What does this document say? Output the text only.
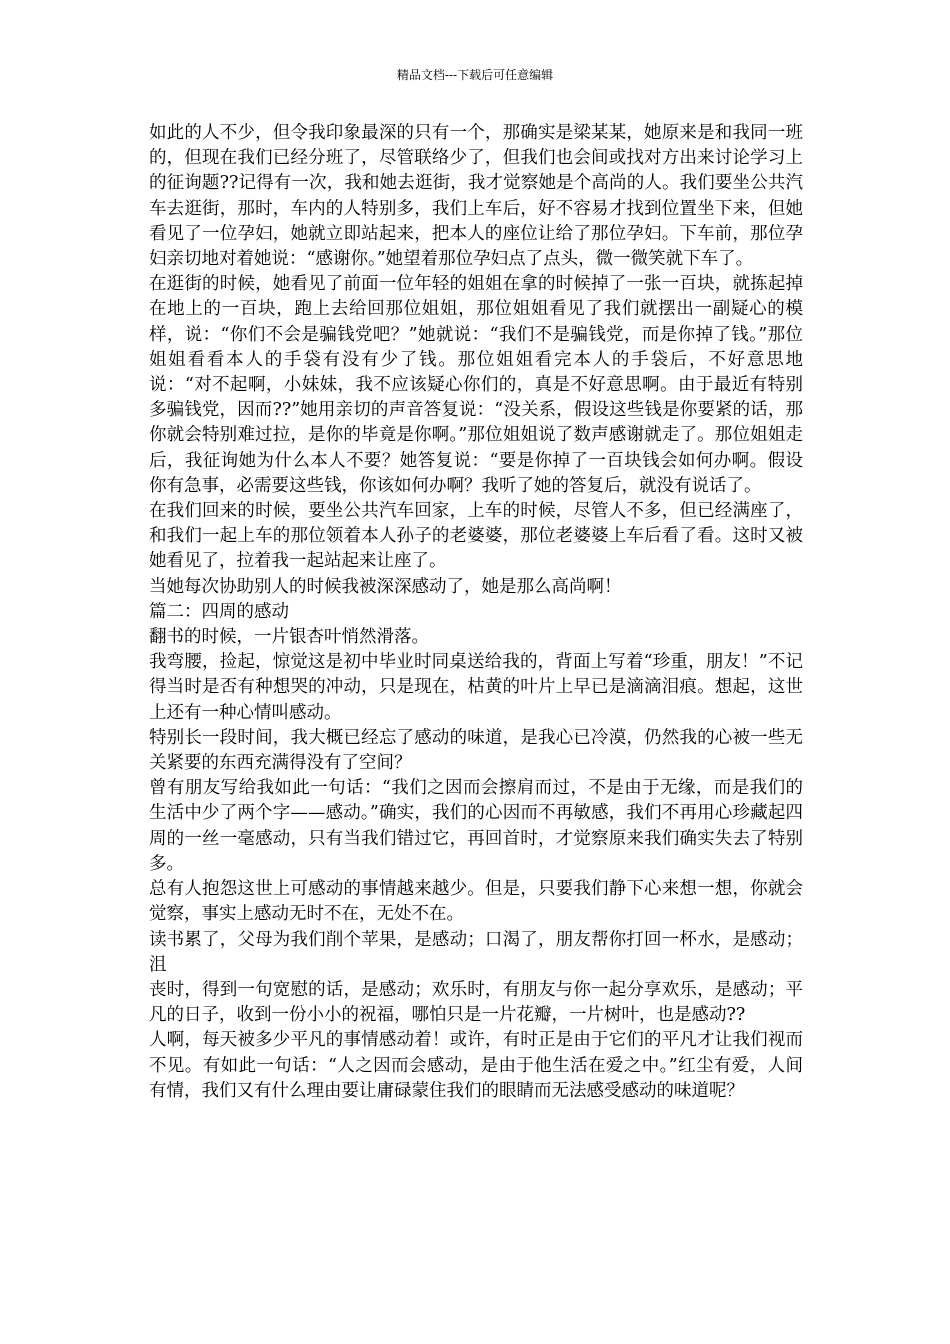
精品文档---下载后可任意编辑

如此的人不少，但令我印象最深的只有一个，那确实是梁某某，她原来是和我同一班的，但现在我们已经分班了，尽管联络少了，但我们也会间或找对方出来讨论学习上的征询题??记得有一次，我和她去逛街，我才觉察她是个高尚的人。我们要坐公共汽车去逛街，那时，车内的人特别多，我们上车后，好不容易才找到位置坐下来，但她看见了一位孕妇，她就立即站起来，把本人的座位让给了那位孕妇。下车前，那位孕妇亲切地对着她说：“感谢你。”她望着那位孕妇点了点头，微一微笑就下车了。

在逛街的时候，她看见了前面一位年轻的姐姐在拿的时候掉了一张一百块，就拣起掉在地上的一百块，跑上去给回那位姐姐，那位姐姐看见了我们就摆出一副疑心的模样，说：“你们不会是骗钱党吧？”她就说：“我们不是骗钱党，而是你掉了钱。”那位姐姐看看本人的手袋有没有少了钱。那位姐姐看完本人的手袋后，不好意思地说：“对不起啊，小妹妹，我不应该疑心你们的，真是不好意思啊。由于最近有特别多骗钱党，因而??”她用亲切的声音答复说：“没关系，假设这些钱是你要紧的话，那你就会特别难过拉，是你的毕竟是你啊。”那位姐姐说了数声感谢就走了。那位姐姐走后，我征询她为什么本人不要？她答复说：“要是你掉了一百块钱会如何办啊。假设你有急事，必需要这些钱，你该如何办啊？我听了她的答复后，就没有说话了。

在我们回来的时候，要坐公共汽车回家，上车的时候，尽管人不多，但已经满座了，和我们一起上车的那位领着本人孙子的老婆婆，那位老婆婆上车后看了看。这时又被她看见了，拉着我一起站起来让座了。

当她每次协助别人的时候我被深深感动了，她是那么高尚啊！

篇二：四周的感动

翻书的时候，一片银杏叶悄然滑落。

我弯腰，捡起，惊觉这是初中毕业时同桌送给我的，背面上写着“珍重，朋友！”不记得当时是否有种想哭的冲动，只是现在，枯黄的叶片上早已是滴滴泪痕。想起，这世上还有一种心情叫感动。

特别长一段时间，我大概已经忘了感动的味道，是我心已冷漠，仍然我的心被一些无关紧要的东西充满得没有了空间？

曾有朋友写给我如此一句话：“我们之因而会擦肩而过，不是由于无缘，而是我们的生活中少了两个字——感动。”确实，我们的心因而不再敏感，我们不再用心珍藏起四周的一丝一毫感动，只有当我们错过它，再回首时，才觉察原来我们确实失去了特别多。

总有人抱怨这世上可感动的事情越来越少。但是，只要我们静下心来想一想，你就会觉察，事实上感动无时不在，无处不在。

读书累了，父母为我们削个苹果，是感动；口渴了，朋友帮你打回一杯水，是感动；沮

丧时，得到一句宽慰的话，是感动；欢乐时，有朋友与你一起分享欢乐，是感动；平凡的日子，收到一份小小的祝福，哪怕只是一片花瓣，一片树叶，也是感动??

人啊，每天被多少平凡的事情感动着！或许，有时正是由于它们的平凡才让我们视而不见。有如此一句话：“人之因而会感动，是由于他生活在爱之中。”红尘有爱，人间有情，我们又有什么理由要让庸碌蒙住我们的眼睛而无法感受感动的味道呢？
